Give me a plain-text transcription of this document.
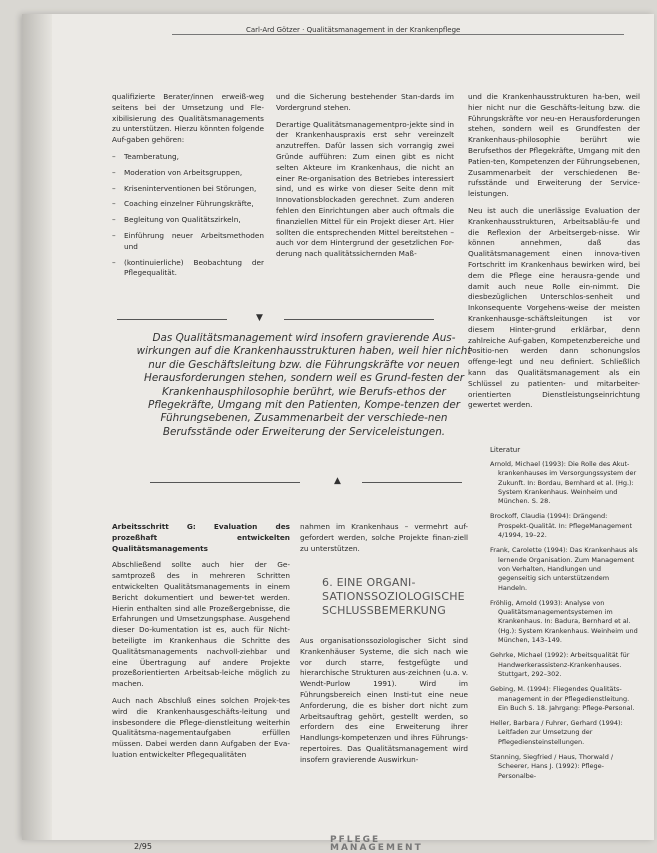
Carl-Ard Götzer · Qualitätsmanagement in der Krankenpflege

qualifizierte Berater/innen erweiß-weg seitens bei der Umsetzung und Fle-xibilisierung des Qualitätsmanagements zu unterstützen. Hierzu könnten folgende Auf-gaben gehören:

– Teamberatung,
– Moderation von Arbeitsgruppen,
– Kriseninterventionen bei Störungen,
– Coaching einzelner Führungskräfte,
– Begleitung von Qualitätszirkeln,
– Einführung neuer Arbeitsmethoden und
– (kontinuierliche) Beobachtung der Pflegequalität.

und die Sicherung bestehender Stan-dards im Vordergrund stehen.

Derartige Qualitätsmanagementpro-jekte sind in der Krankenhauspraxis erst sehr vereinzelt anzutreffen. Dafür lassen sich vorrangig zwei Gründe aufführen: Zum einen gibt es nicht selten Akteure im Krankenhaus, die nicht an einer Re-organisation des Betriebes interessiert sind, und es wirke von dieser Seite denn mit Innovationsblockaden gerechnet. Zum anderen fehlen den Einrichtungen aber auch oftmals die finanziellen Mittel für ein Projekt dieser Art. Hier sollten die entsprechenden Mittel bereitstehen – auch vor dem Hintergrund der gesetzlichen For-derung nach qualitätssichernden Maß-

und die Krankenhausstrukturen ha-ben, weil hier nicht nur die Geschäfts-leitung bzw. die Führungskräfte vor neu-en Herausforderungen stehen, sondern weil es Grundfesten der Krankenhaus-philosophie berührt wie Berufsethos der Pflegekräfte, Umgang mit den Patien-ten, Kompetenzen der Führungsebenen, Zusammenarbeit der verschiedenen Be-rufsstände und Erweiterung der Service-leistungen.

Neu ist auch die unerlässige Evaluation der Krankenhausstrukturen, Arbeitsabläu-fe und die Reflexion der Arbeitsergeb-nisse. Wir können annehmen, daß das Qualitätsmanagement einen innova-tiven Fortschritt im Krankenhaus bewirken wird, bei dem die Pflege eine herausra-gende und damit auch neue Rolle ein-nimmt. Die diesbezüglichen Unterschlos-senheit und Inkonsequente Vorgehens-weise der meisten Krankenhausge-schäftsleitungen ist vor diesem Hinter-grund erklärbar, denn zahlreiche Auf-gaben, Kompetenzbereiche und Positio-nen werden dann schonungslos offenge-legt und neu definiert. Schließlich kann das Qualitätsmanagement als ein Schlüssel zu patienten- und mitarbeiter-orientierten Dienstleistungseinrichtung gewertet werden.

▼
Das Qualitätsmanagement wird insofern gravierende Aus-wirkungen auf die Krankenhausstrukturen haben, weil hier nicht nur die Geschäftsleitung bzw. die Führungskräfte vor neuen Herausforderungen stehen, sondern weil es Grund-festen der Krankenhausphilosophie berührt, wie Berufs-ethos der Pflegekräfte, Umgang mit den Patienten, Kompe-tenzen der Führungsebenen, Zusammenarbeit der verschiede-nen Berufsstände oder Erweiterung der Serviceleistungen.
▲

Arbeitsschritt G: Evaluation des prozeßhaft entwickelten Qualitätsmanagements

Abschließend sollte auch hier der Ge-samtprozeß des in mehreren Schritten entwickelten Qualitätsmanagements in einem Bericht dokumentiert und bewer-tet werden. Hierin enthalten sind alle Prozeßergebnisse, die Erfahrungen und Umsetzungsphase. Ausgehend dieser Do-kumentation ist es, auch für Nicht-beteiligte im Krankenhaus die Schritte des Qualitätsmanagements nachvoll-ziehbar und eine Übertragung auf andere Projekte prozeßorientierten Arbeitsab-leiche möglich zu machen.

Auch nach Abschluß eines solchen Projek-tes wird die Krankenhausgeschäfts-leitung und insbesondere die Pflege-dienstleitung weiterhin Qualitätsma-nagementaufgaben erfüllen müssen. Dabei werden dann Aufgaben der Eva-luation entwickelter Pflegequalitäten

nahmen im Krankenhaus – vermehrt auf-gefordert werden, solche Projekte finan-ziell zu unterstützen.

6. EINE ORGANI-SATIONSSOZIOLOGISCHE SCHLUSSBEMERKUNG

Aus organisationssoziologischer Sicht sind Krankenhäuser Systeme, die sich nach wie vor durch starre, festgefügte und hierarchische Strukturen aus-zeichnen (u.a. v. Wendt-Purlow 1991). Wird im Führungsbereich einen Insti-tut eine neue Anforderung, die es bisher dort nicht zum Arbeitsauftrag gehört, gestellt werden, so erfordern des eine Erweiterung ihrer Handlungs-kompetenzen und ihres Führungs-repertoires. Das Qualitätsmanagement wird insofern gravierende Auswirkun-

Literatur

Arnold, Michael (1993): Die Rolle des Akut-krankenhauses im Versorgungssystem der Zukunft. In: Bordau, Bernhard et al. (Hg.): System Krankenhaus. Weinheim und München. S. 28.

Brockoff, Claudia (1994): Drängend: Prospekt-Qualität. In: PflegeManagement 4/1994, 19–22.

Frank, Carolette (1994): Das Krankenhaus als lernende Organisation. Zum Management von Verhalten, Handlungen und gegenseitig sich unterstützendem Handeln.

Fröhlig, Arnold (1993): Analyse von Qualitätsmanagementsystemen im Krankenhaus. In: Badura, Bernhard et al. (Hg.): System Krankenhaus. Weinheim und München, 143–149.

Gehrke, Michael (1992): Arbeitsqualität für Handwerkerassistenz-Krankenhauses. Stuttgart, 292–302.

Gebing, M. (1994): Fliegendes Qualitäts-management in der Pflegedienstleitung. Ein Buch S. 18. Jahrgang: Pflege-Personal.

Heller, Barbara / Fuhrer, Gerhard (1994): Leitfaden zur Umsetzung der Pflegediensteinstellungen.

Stanning, Siegfried / Haus, Thorwald / Scheerer, Hans J. (1992): Pflege-Personalbe-

2/95
PFLEGE
MANAGEMENT
